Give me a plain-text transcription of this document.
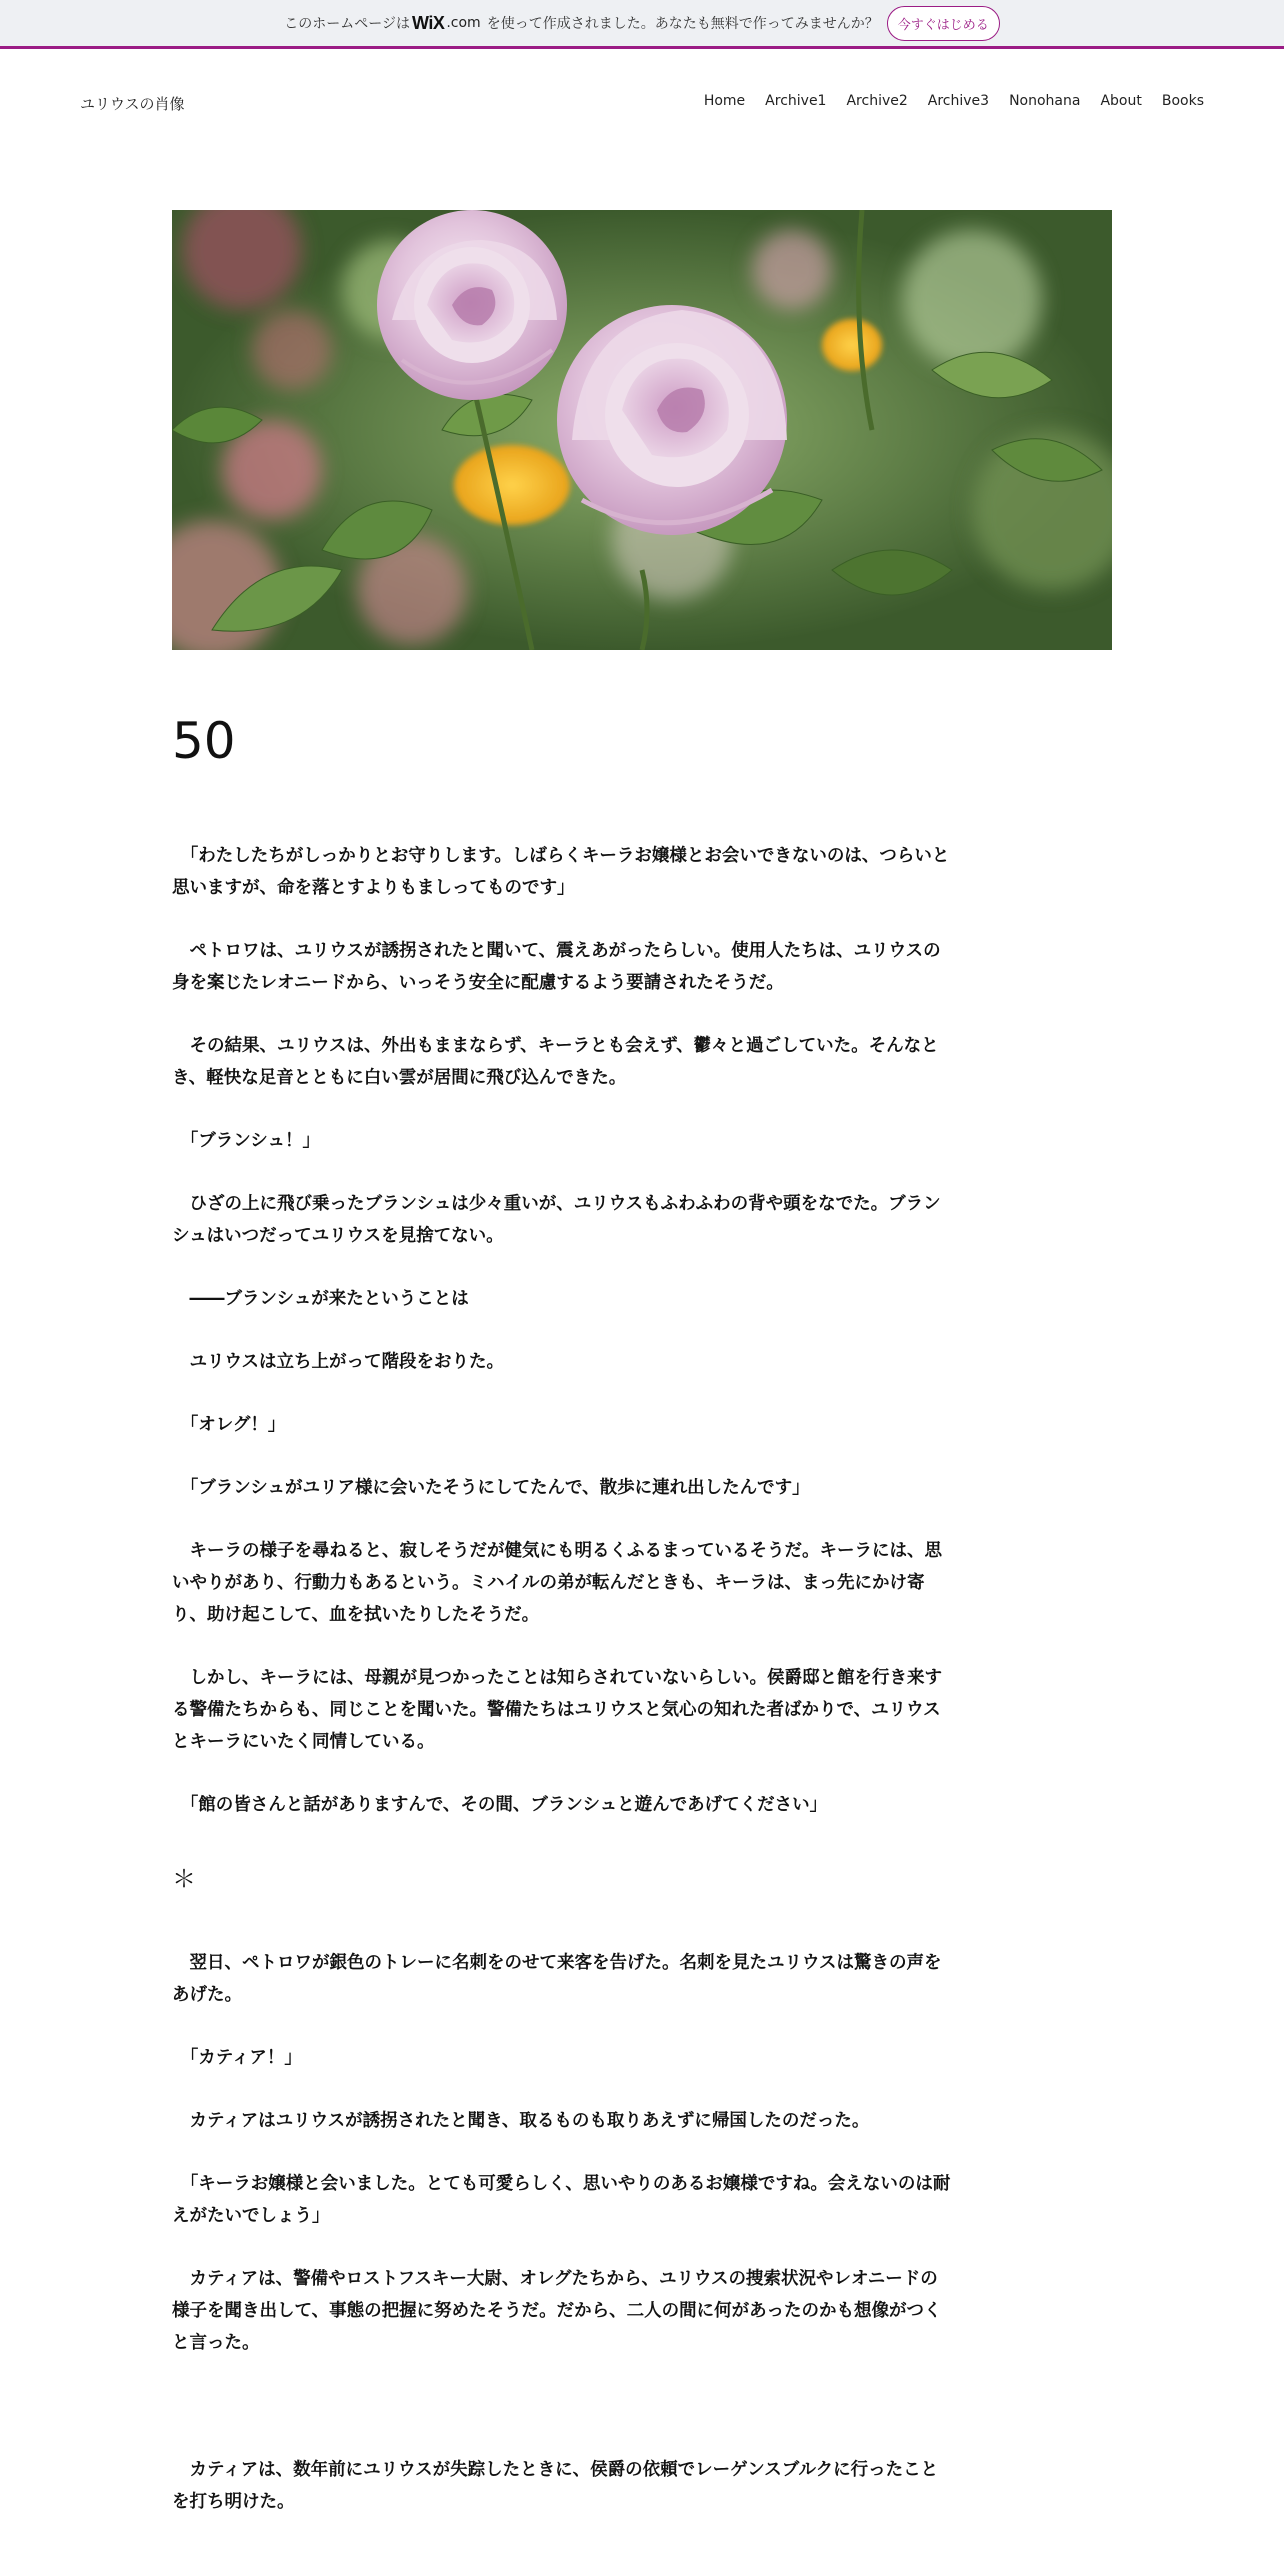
このホームページは WiX .com を使って作成されました。あなたも無料で作ってみませんか？	今すぐはじめる
ユリウスの肖像	Home Archive1 Archive2 Archive3 Nonohana About Books
50

　「わたしたちがしっかりとお守りします。しばらくキーラお嬢様とお会いできないのは、つらいと思いますが、命を落とすよりもましってものです」

　ペトロワは、ユリウスが誘拐されたと聞いて、震えあがったらしい。使用人たちは、ユリウスの身を案じたレオニードから、いっそう安全に配慮するよう要請されたそうだ。

　その結果、ユリウスは、外出もままならず、キーラとも会えず、鬱々と過ごしていた。そんなとき、軽快な足音とともに白い雲が居間に飛び込んできた。

　「ブランシュ！」

　ひざの上に飛び乗ったブランシュは少々重いが、ユリウスもふわふわの背や頭をなでた。ブランシュはいつだってユリウスを見捨てない。

　――ブランシュが来たということは

　ユリウスは立ち上がって階段をおりた。

　「オレグ！」

　「ブランシュがユリア様に会いたそうにしてたんで、散歩に連れ出したんです」

　キーラの様子を尋ねると、寂しそうだが健気にも明るくふるまっているそうだ。キーラには、思いやりがあり、行動力もあるという。ミハイルの弟が転んだときも、キーラは、まっ先にかけ寄り、助け起こして、血を拭いたりしたそうだ。

　しかし、キーラには、母親が見つかったことは知らされていないらしい。侯爵邸と館を行き来する警備たちからも、同じことを聞いた。警備たちはユリウスと気心の知れた者ばかりで、ユリウスとキーラにいたく同情している。

　「館の皆さんと話がありますんで、その間、ブランシュと遊んであげてください」

＊

　翌日、ペトロワが銀色のトレーに名刺をのせて来客を告げた。名刺を見たユリウスは驚きの声をあげた。

　「カティア！」

　カティアはユリウスが誘拐されたと聞き、取るものも取りあえずに帰国したのだった。

　「キーラお嬢様と会いました。とても可愛らしく、思いやりのあるお嬢様ですね。会えないのは耐えがたいでしょう」

　カティアは、警備やロストフスキー大尉、オレグたちから、ユリウスの捜索状況やレオニードの様子を聞き出して、事態の把握に努めたそうだ。だから、二人の間に何があったのかも想像がつくと言った。

　カティアは、数年前にユリウスが失踪したときに、侯爵の依頼でレーゲンスブルクに行ったことを打ち明けた。
